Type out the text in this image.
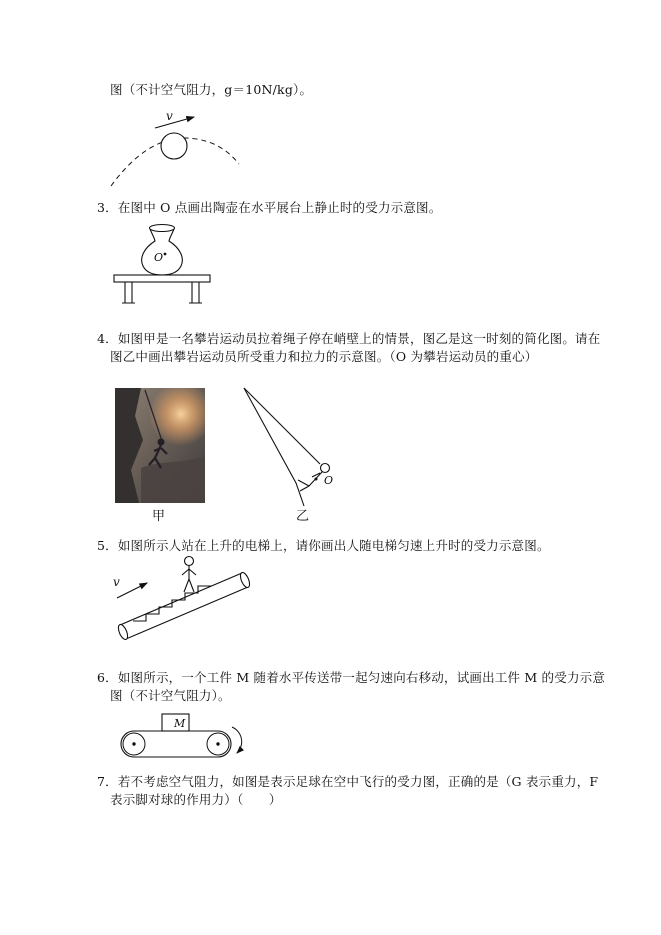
图（不计空气阻力，g＝10N/kg）。
v
3．在图中 O 点画出陶壶在水平展台上静止时的受力示意图。
O
4．如图甲是一名攀岩运动员拉着绳子停在峭壁上的情景，图乙是这一时刻的简化图。请在
图乙中画出攀岩运动员所受重力和拉力的示意图。（O 为攀岩运动员的重心）
O
甲	乙
5．如图所示人站在上升的电梯上，请你画出人随电梯匀速上升时的受力示意图。
v
6．如图所示，一个工件 M 随着水平传送带一起匀速向右移动，试画出工件 M 的受力示意
图（不计空气阻力）。
M
7．若不考虑空气阻力，如图是表示足球在空中飞行的受力图，正确的是（G 表示重力，F
表示脚对球的作用力）（　　）
